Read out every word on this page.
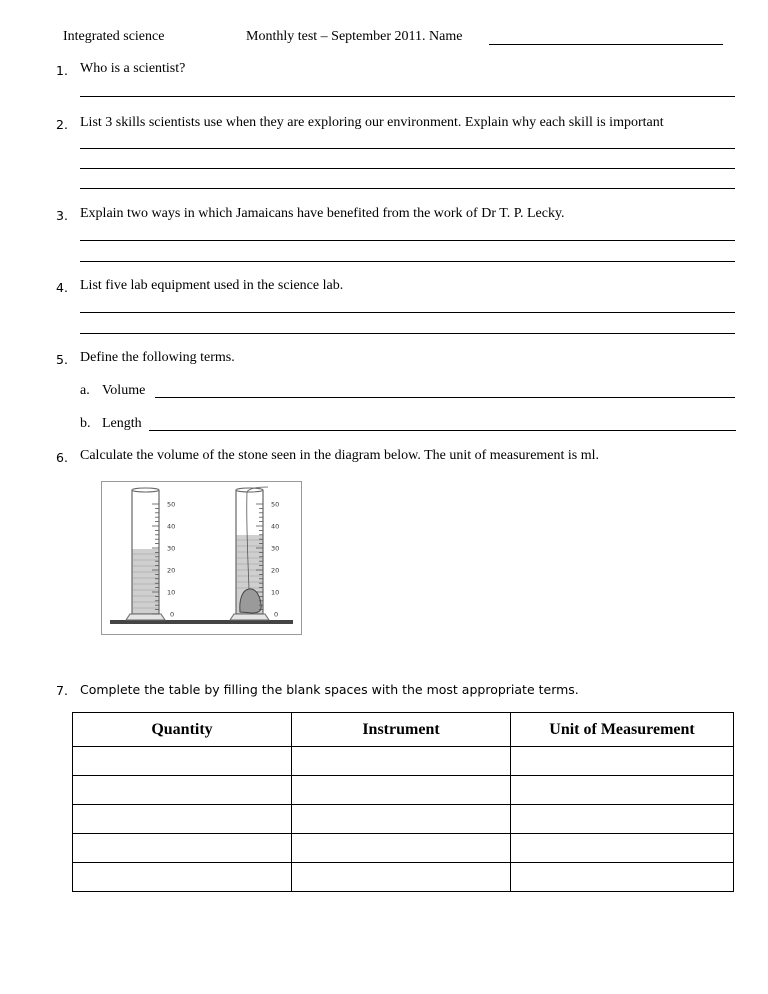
Integrated science	Monthly test – September 2011. Name
1. Who is a scientist?
2. List 3 skills scientists use when they are exploring our environment. Explain why each skill is important
3. Explain two ways in which Jamaicans have benefited from the work of Dr T. P. Lecky.
4. List five lab equipment used in the science lab.
5. Define the following terms.
a. Volume
b. Length
6. Calculate the volume of the stone seen in the diagram below. The unit of measurement is ml.
50
40
30
20
10
0
50
40
30
20
10
0
7. Complete the table by filling the blank spaces with the most appropriate terms.
Quantity	Instrument	Unit of Measurement
